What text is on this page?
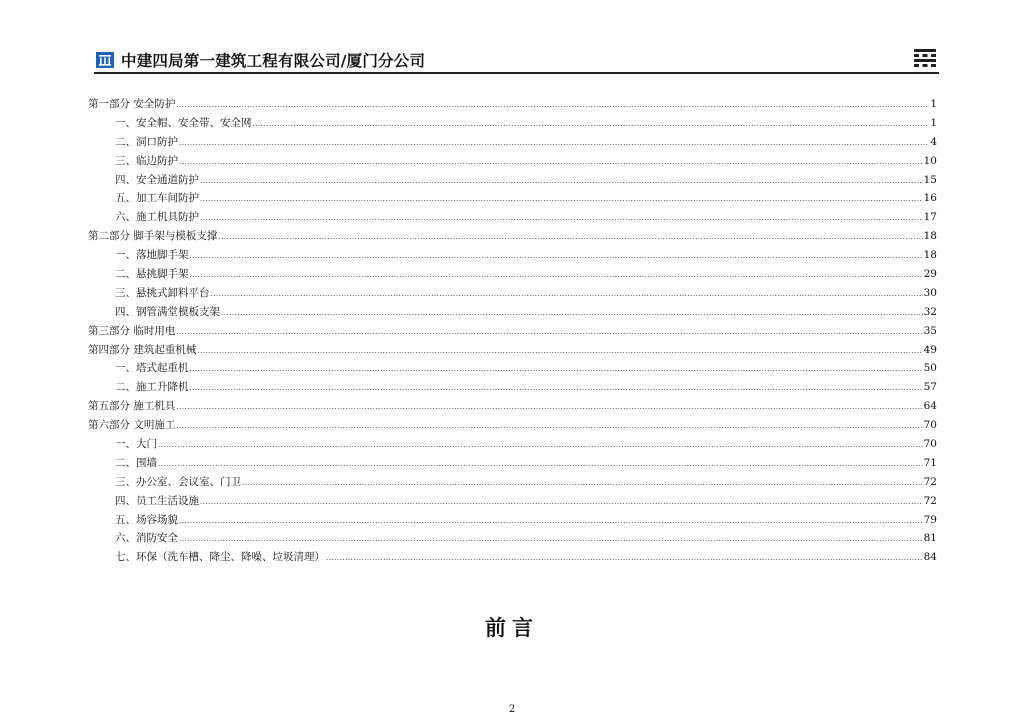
中建四局第一建筑工程有限公司/厦门分公司
第一部分 安全防护 .....	1
一、安全帽、安全带、安全网 .....	1
二、洞口防护 .....	4
三、临边防护 .....	10
四、安全通道防护 .....	15
五、加工车间防护 .....	16
六、施工机具防护 .....	17
第二部分 脚手架与模板支撑 .....	18
一、落地脚手架 .....	18
二、悬挑脚手架 .....	29
三、悬挑式卸料平台 .....	30
四、钢管满堂模板支架 .....	32
第三部分 临时用电 .....	35
第四部分 建筑起重机械 .....	49
一、塔式起重机 .....	50
二、施工升降机 .....	57
第五部分 施工机具 .....	64
第六部分 文明施工 .....	70
一、大门 .....	70
二、围墙 .....	71
三、办公室、会议室、门卫 .....	72
四、员工生活设施 .....	72
五、场容场貌 .....	79
六、消防安全 .....	81
七、环保（洗车槽、降尘、降噪、垃圾清理） .....	84
前言
2
